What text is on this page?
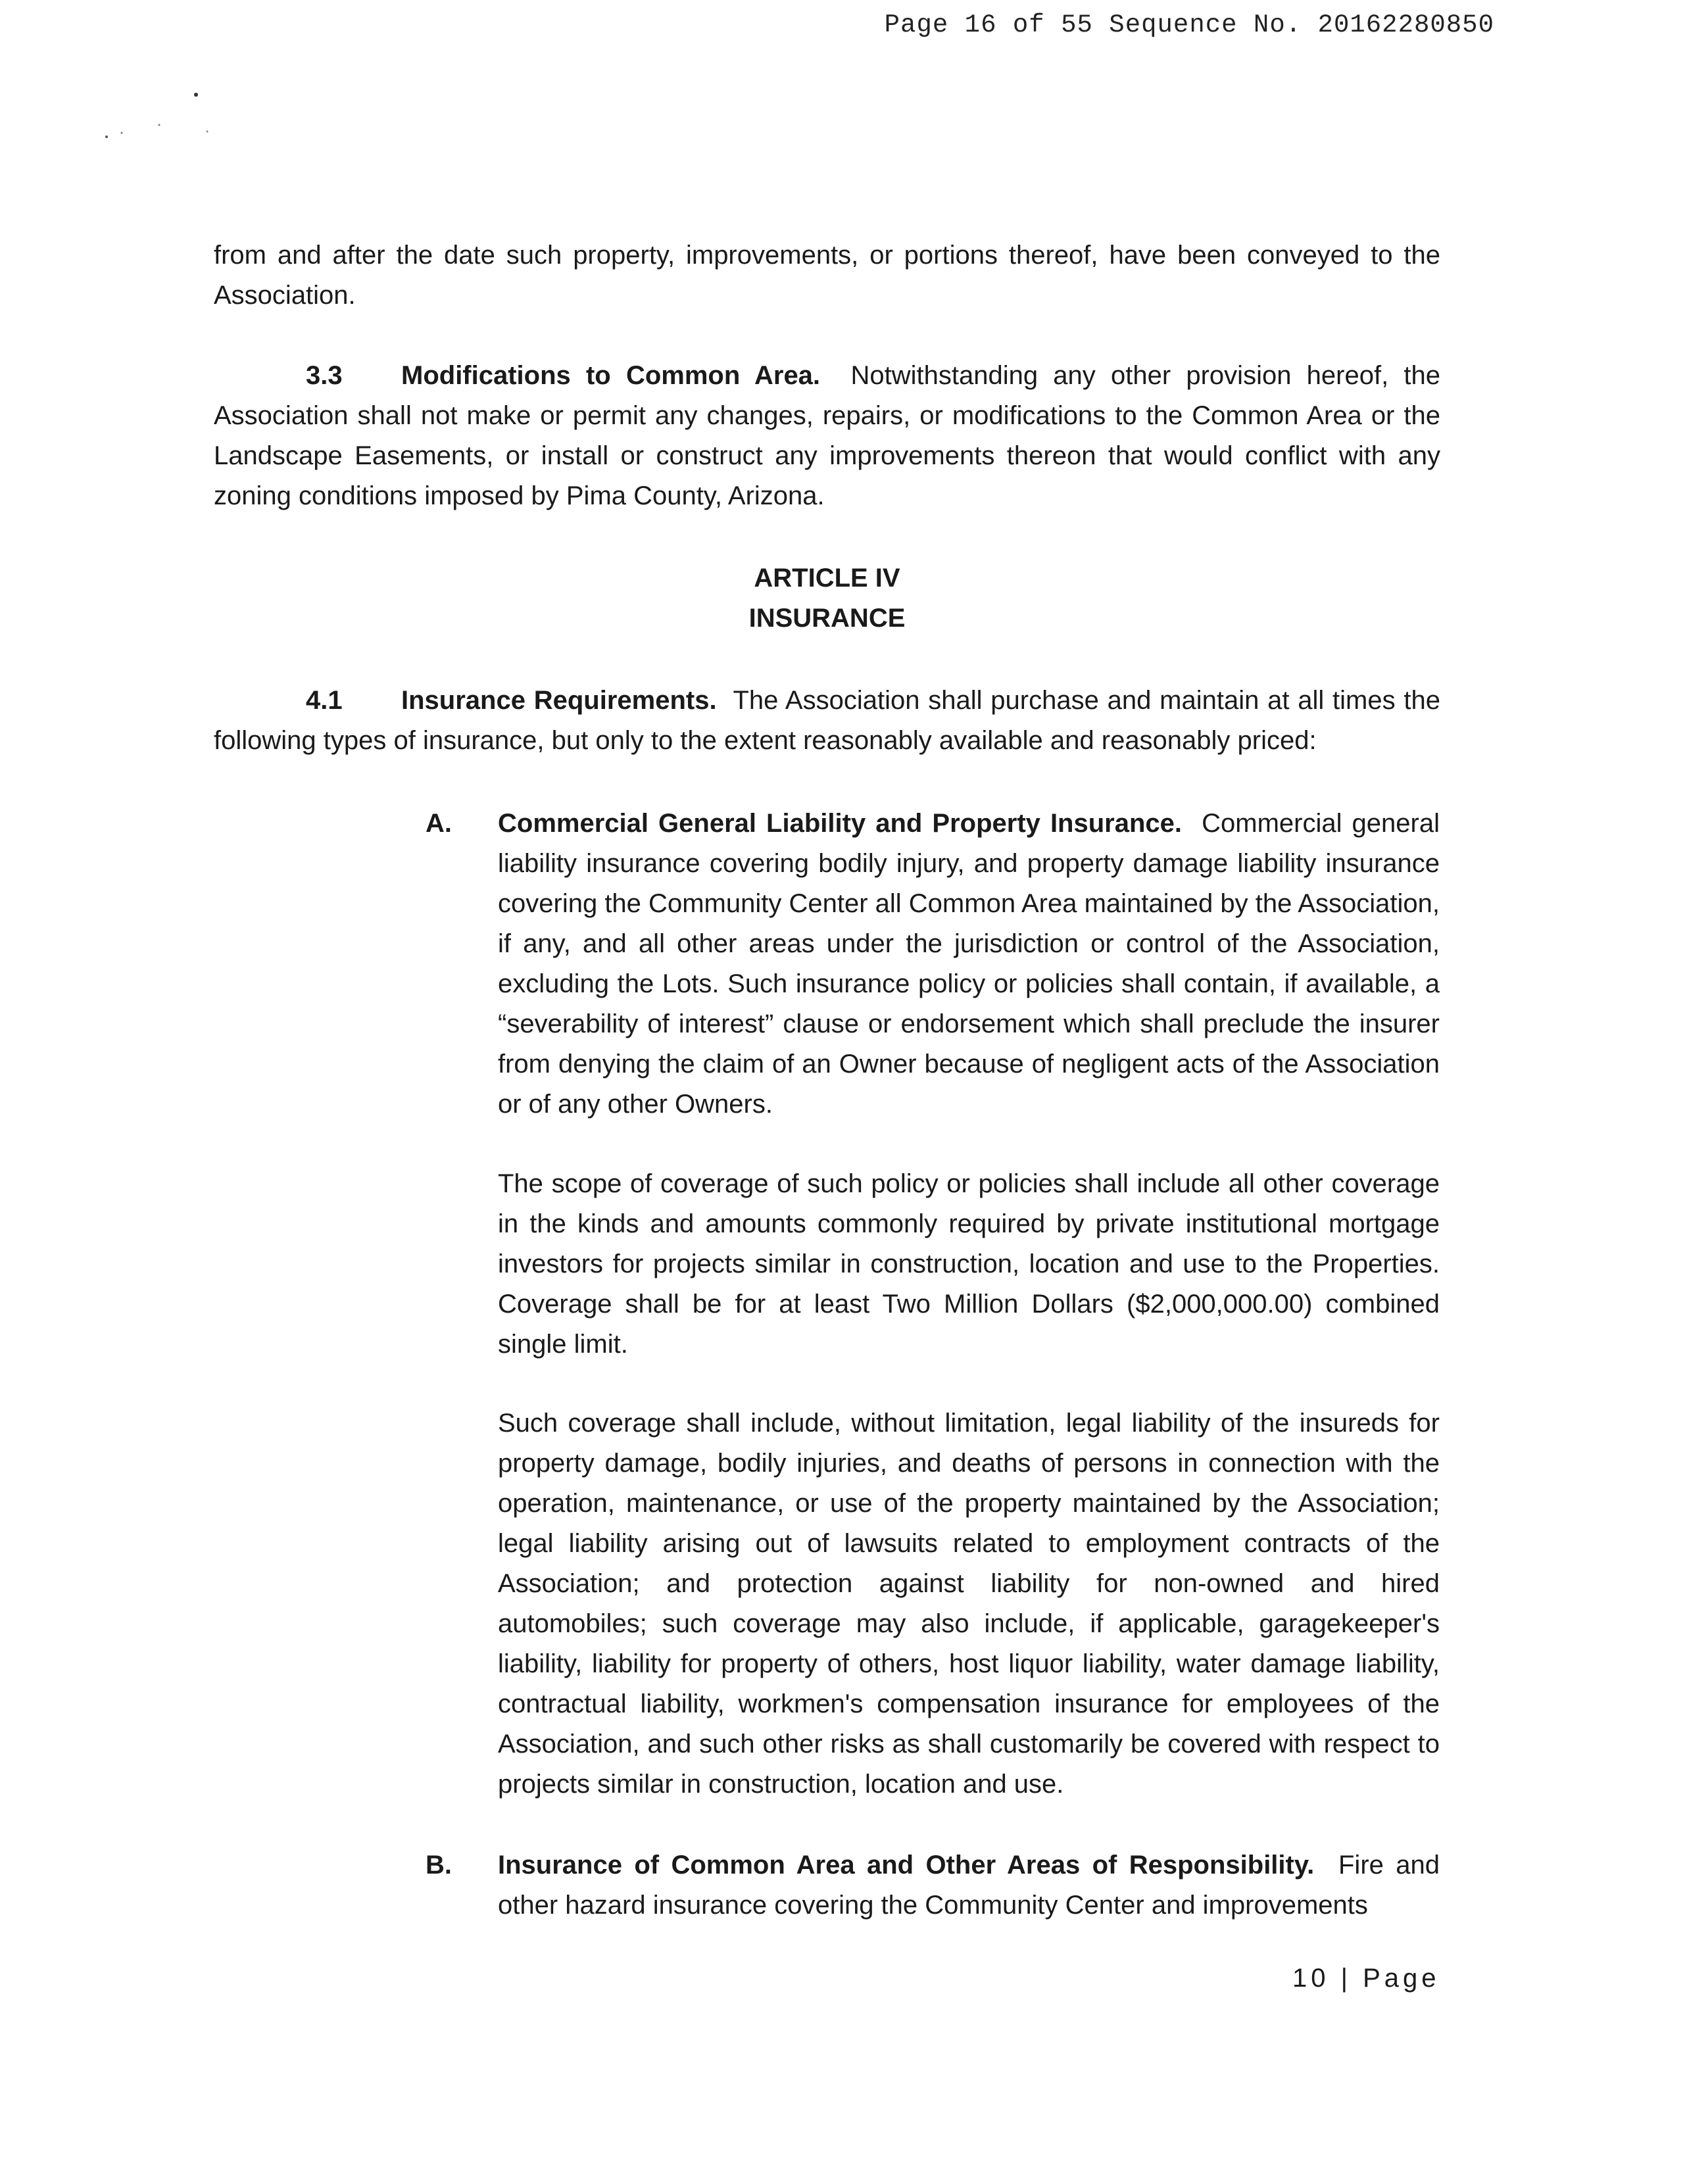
Page 16 of 55 Sequence No. 20162280850
from and after the date such property, improvements, or portions thereof, have been conveyed to the Association.
3.3 Modifications to Common Area. Notwithstanding any other provision hereof, the Association shall not make or permit any changes, repairs, or modifications to the Common Area or the Landscape Easements, or install or construct any improvements thereon that would conflict with any zoning conditions imposed by Pima County, Arizona.
ARTICLE IV
INSURANCE
4.1 Insurance Requirements. The Association shall purchase and maintain at all times the following types of insurance, but only to the extent reasonably available and reasonably priced:
A. Commercial General Liability and Property Insurance. Commercial general liability insurance covering bodily injury, and property damage liability insurance covering the Community Center all Common Area maintained by the Association, if any, and all other areas under the jurisdiction or control of the Association, excluding the Lots. Such insurance policy or policies shall contain, if available, a “severability of interest” clause or endorsement which shall preclude the insurer from denying the claim of an Owner because of negligent acts of the Association or of any other Owners.
The scope of coverage of such policy or policies shall include all other coverage in the kinds and amounts commonly required by private institutional mortgage investors for projects similar in construction, location and use to the Properties. Coverage shall be for at least Two Million Dollars ($2,000,000.00) combined single limit.
Such coverage shall include, without limitation, legal liability of the insureds for property damage, bodily injuries, and deaths of persons in connection with the operation, maintenance, or use of the property maintained by the Association; legal liability arising out of lawsuits related to employment contracts of the Association; and protection against liability for non-owned and hired automobiles; such coverage may also include, if applicable, garagekeeper's liability, liability for property of others, host liquor liability, water damage liability, contractual liability, workmen's compensation insurance for employees of the Association, and such other risks as shall customarily be covered with respect to projects similar in construction, location and use.
B. Insurance of Common Area and Other Areas of Responsibility. Fire and other hazard insurance covering the Community Center and improvements
10 | Page
